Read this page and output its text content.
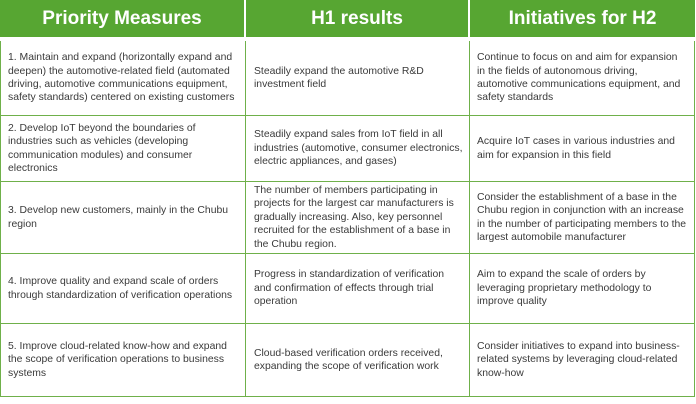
Priority Measures	H1 results	Initiatives for H2
1. Maintain and expand (horizontally expand and deepen) the automotive-related field (automated driving, automotive communications equipment, safety standards) centered on existing customers	Steadily expand the automotive R&D investment field	Continue to focus on and aim for expansion in the fields of autonomous driving, automotive communications equipment, and safety standards
2. Develop IoT beyond the boundaries of industries such as vehicles (developing communication modules) and consumer electronics	Steadily expand sales from IoT field in all industries (automotive, consumer electronics, electric appliances, and gases)	Acquire IoT cases in various industries and aim for expansion in this field
3. Develop new customers, mainly in the Chubu region	The number of members participating in projects for the largest car manufacturers is gradually increasing. Also, key personnel recruited for the establishment of a base in the Chubu region.	Consider the establishment of a base in the Chubu region in conjunction with an increase in the number of participating members to the largest automobile manufacturer
4. Improve quality and expand scale of orders through standardization of verification operations	Progress in standardization of verification and confirmation of effects through trial operation	Aim to expand the scale of orders by leveraging proprietary methodology to improve quality
5. Improve cloud-related know-how and expand the scope of verification operations to business systems	Cloud-based verification orders received, expanding the scope of verification work	Consider initiatives to expand into business-related systems by leveraging cloud-related know-how
